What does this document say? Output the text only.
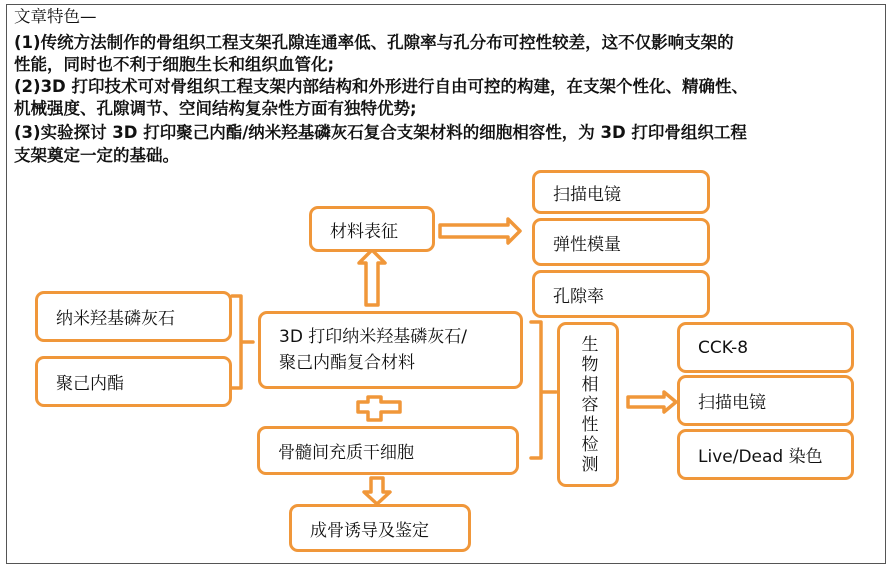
文章特色—
(1)传统方法制作的骨组织工程支架孔隙连通率低、孔隙率与孔分布可控性较差，这不仅影响支架的
性能，同时也不利于细胞生长和组织血管化;
(2)3D 打印技术可对骨组织工程支架内部结构和外形进行自由可控的构建，在支架个性化、精确性、
机械强度、孔隙调节、空间结构复杂性方面有独特优势;
(3)实验探讨 3D 打印聚己内酯/纳米羟基磷灰石复合支架材料的细胞相容性，为 3D 打印骨组织工程
支架奠定一定的基础。
材料表征
扫描电镜
弹性模量
孔隙率
纳米羟基磷灰石
聚己内酯
3D 打印纳米羟基磷灰石/
聚己内酯复合材料
骨髓间充质干细胞
成骨诱导及鉴定
生物相容性检测	CCK-8
扫描电镜
Live/Dead 染色
